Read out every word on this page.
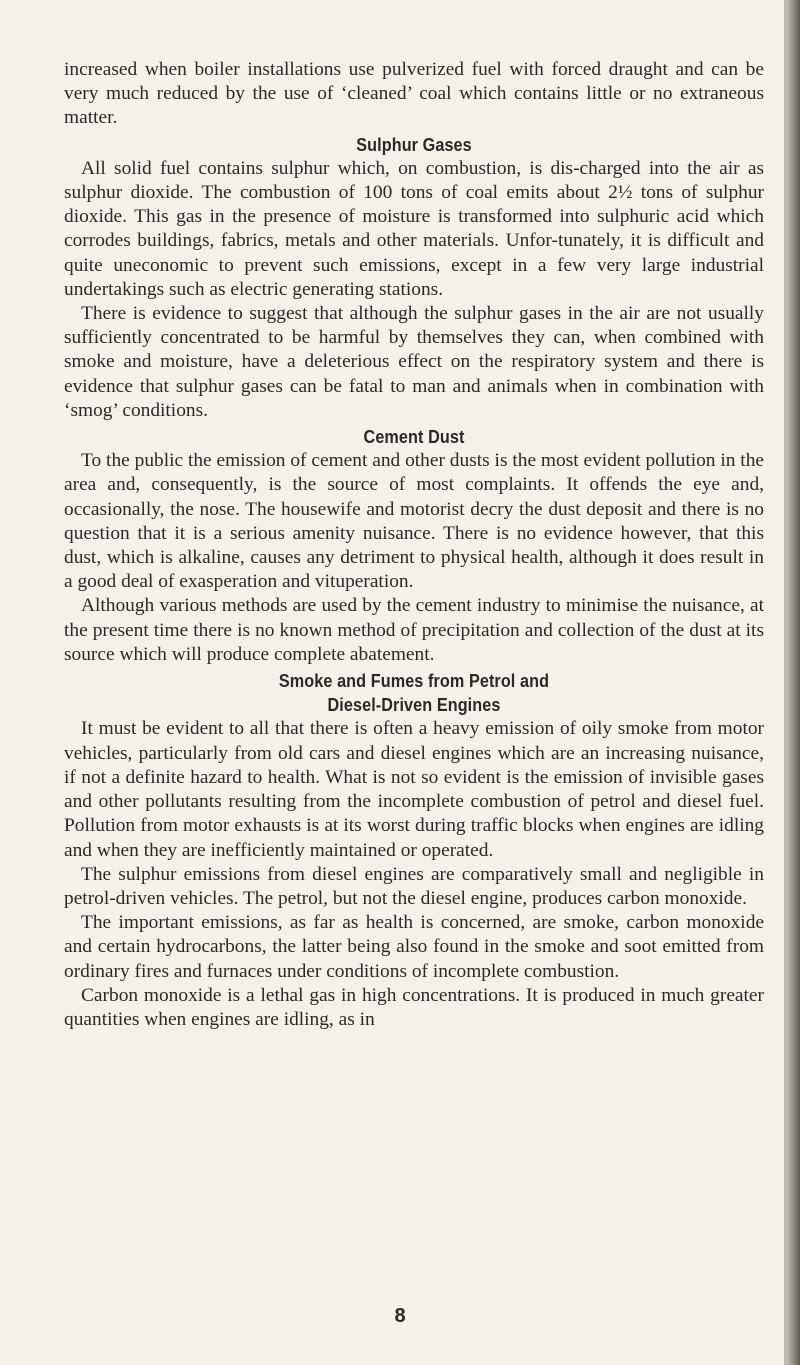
increased when boiler installations use pulverized fuel with forced draught and can be very much reduced by the use of ‘cleaned’ coal which contains little or no extraneous matter.

Sulphur Gases

All solid fuel contains sulphur which, on combustion, is dis-charged into the air as sulphur dioxide. The combustion of 100 tons of coal emits about 2½ tons of sulphur dioxide. This gas in the presence of moisture is transformed into sulphuric acid which corrodes buildings, fabrics, metals and other materials. Unfor-tunately, it is difficult and quite uneconomic to prevent such emissions, except in a few very large industrial undertakings such as electric generating stations.

There is evidence to suggest that although the sulphur gases in the air are not usually sufficiently concentrated to be harmful by themselves they can, when combined with smoke and moisture, have a deleterious effect on the respiratory system and there is evidence that sulphur gases can be fatal to man and animals when in combination with ‘smog’ conditions.

Cement Dust

To the public the emission of cement and other dusts is the most evident pollution in the area and, consequently, is the source of most complaints. It offends the eye and, occasionally, the nose. The housewife and motorist decry the dust deposit and there is no question that it is a serious amenity nuisance. There is no evidence however, that this dust, which is alkaline, causes any detriment to physical health, although it does result in a good deal of exasperation and vituperation.

Although various methods are used by the cement industry to minimise the nuisance, at the present time there is no known method of precipitation and collection of the dust at its source which will produce complete abatement.

Smoke and Fumes from Petrol and Diesel-Driven Engines

It must be evident to all that there is often a heavy emission of oily smoke from motor vehicles, particularly from old cars and diesel engines which are an increasing nuisance, if not a definite hazard to health. What is not so evident is the emission of invisible gases and other pollutants resulting from the incomplete combustion of petrol and diesel fuel. Pollution from motor exhausts is at its worst during traffic blocks when engines are idling and when they are inefficiently maintained or operated.

The sulphur emissions from diesel engines are comparatively small and negligible in petrol-driven vehicles. The petrol, but not the diesel engine, produces carbon monoxide.

The important emissions, as far as health is concerned, are smoke, carbon monoxide and certain hydrocarbons, the latter being also found in the smoke and soot emitted from ordinary fires and furnaces under conditions of incomplete combustion.

Carbon monoxide is a lethal gas in high concentrations. It is produced in much greater quantities when engines are idling, as in

8
